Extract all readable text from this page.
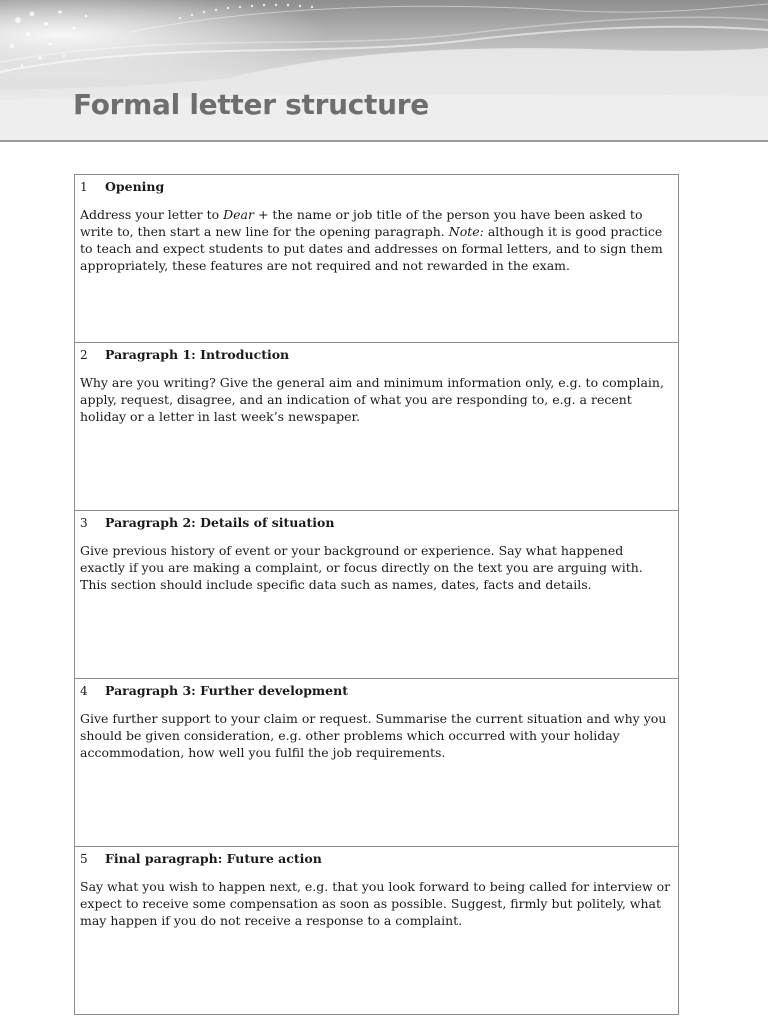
Formal letter structure
1	Opening

Address your letter to Dear + the name or job title of the person you have been asked to write to, then start a new line for the opening paragraph. Note: although it is good practice to teach and expect students to put dates and addresses on formal letters, and to sign them appropriately, these features are not required and not rewarded in the exam.

2	Paragraph 1: Introduction

Why are you writing? Give the general aim and minimum information only, e.g. to complain, apply, request, disagree, and an indication of what you are responding to, e.g. a recent holiday or a letter in last week’s newspaper.

3	Paragraph 2: Details of situation

Give previous history of event or your background or experience. Say what happened exactly if you are making a complaint, or focus directly on the text you are arguing with. This section should include specific data such as names, dates, facts and details.

4	Paragraph 3: Further development

Give further support to your claim or request. Summarise the current situation and why you should be given consideration, e.g. other problems which occurred with your holiday accommodation, how well you fulfil the job requirements.

5	Final paragraph: Future action

Say what you wish to happen next, e.g. that you look forward to being called for interview or expect to receive some compensation as soon as possible. Suggest, firmly but politely, what may happen if you do not receive a response to a complaint.
